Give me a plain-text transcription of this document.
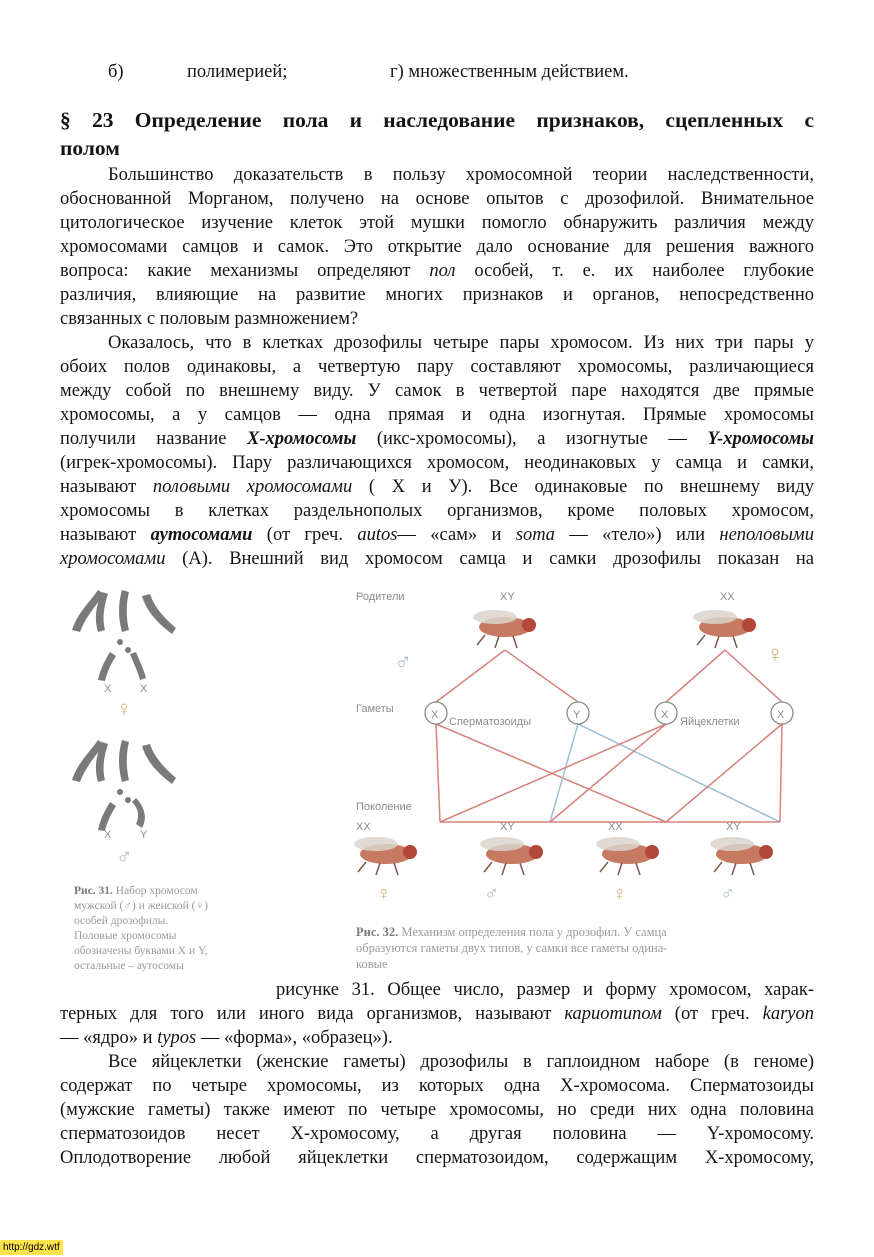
б)	полимерией;	г) множественным действием.
§ 23 Определение пола и наследование признаков, сцепленных с
полом
Большинство доказательств в пользу хромосомной теории наследственности,
обоснованной Морганом, получено на основе опытов с дрозофилой. Внимательное
цитологическое изучение клеток этой мушки помогло обнаружить различия между
хромосомами самцов и самок. Это открытие дало основание для решения важного
вопроса: какие механизмы определяют пол особей, т. е. их наиболее глубокие
различия, влияющие на развитие многих признаков и органов, непосредственно
связанных с половым размножением?
Оказалось, что в клетках дрозофилы четыре пары хромосом. Из них три пары у
обоих полов одинаковы, а четвертую пару составляют хромосомы, различающиеся
между собой по внешнему виду. У самок в четвертой паре находятся две прямые
хромосомы, а у самцов — одна прямая и одна изогнутая. Прямые хромосомы
получили название X-хромосомы (икс-хромосомы), а изогнутые — Y-хромосомы
(игрек-хромосомы). Пару различающихся хромосом, неодинаковых у самца и самки,
называют половыми хромосомами ( Х и У). Все одинаковые по внешнему виду
хромосомы в клетках раздельнополых организмов, кроме половых хромосом,
называют аутосомами (от греч. autos— «сам» и soma — «тело») или неполовыми
хромосомами (А). Внешний вид хромосом самца и самки дрозофилы показан на
X	X
♀
X	Y
♂
Рис. 31. Набор хромосом
мужской (♂) и женской (♀)
особей дрозофилы.
Половые хромосомы
обозначены буквами X и Y,
остальные – аутосомы
Родители	XY	XX
♂	♀
Гаметы	X	Y	X	X
Сперматозоиды	Яйцеклетки
Поколение
XX	XY	XX	XY
♀	♂	♀	♂
Рис. 32. Механизм определения пола у дрозофил. У самца
образуются гаметы двух типов, у самки все гаметы одина-
ковые
рисунке 31. Общее число, размер и форму хромосом, харак-
терных для того или иного вида организмов, называют кариотипом (от греч. karyon
— «ядро» и typos — «форма», «образец»).
Все яйцеклетки (женские гаметы) дрозофилы в гаплоидном наборе (в геноме)
содержат по четыре хромосомы, из которых одна X-хромосома. Сперматозоиды
(мужские гаметы) также имеют по четыре хромосомы, но среди них одна половина
сперматозоидов несет X-хромосому, а другая половина — Y-хромосому.
Оплодотворение любой яйцеклетки сперматозоидом, содержащим X-хромосому,
http://gdz.wtf
